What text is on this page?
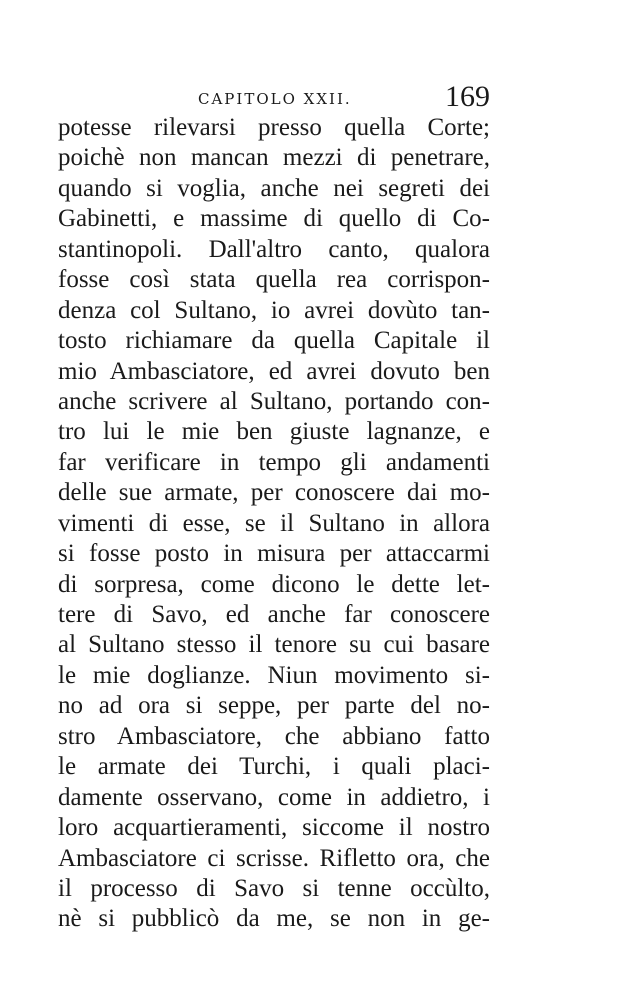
CAPITOLO XXII.	169
potesse rilevarsi presso quella Corte;
poichè non mancan mezzi di penetrare,
quando si voglia, anche nei segreti dei
Gabinetti, e massime di quello di Co-
stantinopoli. Dall'altro canto, qualora
fosse così stata quella rea corrispon-
denza col Sultano, io avrei dovùto tan-
tosto richiamare da quella Capitale il
mio Ambasciatore, ed avrei dovuto ben
anche scrivere al Sultano, portando con-
tro lui le mie ben giuste lagnanze, e
far verificare in tempo gli andamenti
delle sue armate, per conoscere dai mo-
vimenti di esse, se il Sultano in allora
si fosse posto in misura per attaccarmi
di sorpresa, come dicono le dette let-
tere di Savo, ed anche far conoscere
al Sultano stesso il tenore su cui basare
le mie doglianze. Niun movimento si-
no ad ora si seppe, per parte del no-
stro Ambasciatore, che abbiano fatto
le armate dei Turchi, i quali placi-
damente osservano, come in addietro, i
loro acquartieramenti, siccome il nostro
Ambasciatore ci scrisse. Rifletto ora, che
il processo di Savo si tenne occùlto,
nè si pubblicò da me, se non in ge-
